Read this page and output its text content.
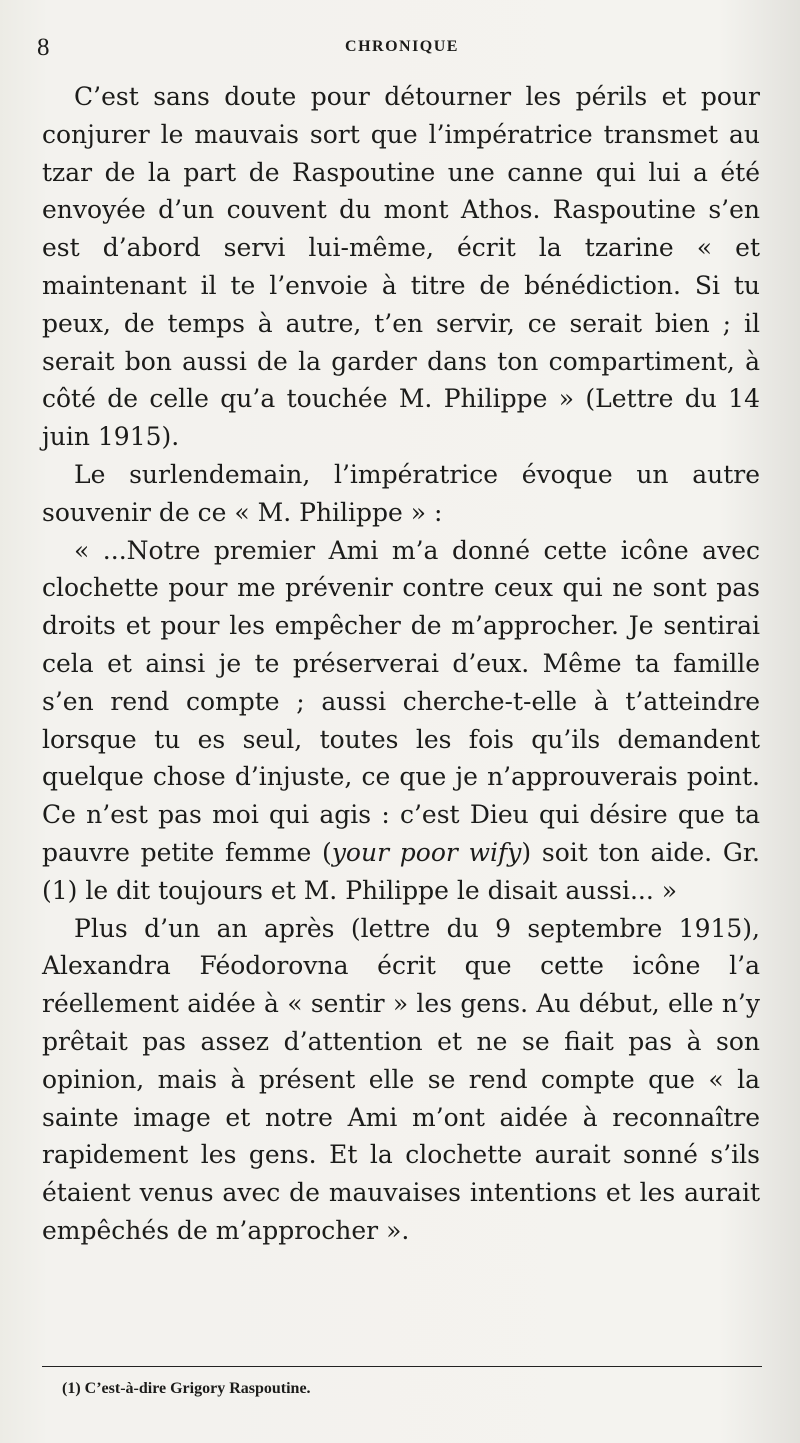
8	CHRONIQUE

C’est sans doute pour détourner les périls et pour conjurer le mauvais sort que l’impératrice transmet au tzar de la part de Raspoutine une canne qui lui a été envoyée d’un couvent du mont Athos. Raspoutine s’en est d’abord servi lui-même, écrit la tzarine « et maintenant il te l’envoie à titre de bénédiction. Si tu peux, de temps à autre, t’en servir, ce serait bien ; il serait bon aussi de la garder dans ton compartiment, à côté de celle qu’a touchée M. Philippe » (Lettre du 14 juin 1915).

Le surlendemain, l’impératrice évoque un autre souvenir de ce « M. Philippe » :

« ...Notre premier Ami m’a donné cette icône avec clochette pour me prévenir contre ceux qui ne sont pas droits et pour les empêcher de m’approcher. Je sentirai cela et ainsi je te préserverai d’eux. Même ta famille s’en rend compte ; aussi cherche-t-elle à t’atteindre lorsque tu es seul, toutes les fois qu’ils demandent quelque chose d’injuste, ce que je n’approuverais point. Ce n’est pas moi qui agis : c’est Dieu qui désire que ta pauvre petite femme (your poor wify) soit ton aide. Gr. (1) le dit toujours et M. Philippe le disait aussi... »

Plus d’un an après (lettre du 9 septembre 1915), Alexandra Féodorovna écrit que cette icône l’a réellement aidée à « sentir » les gens. Au début, elle n’y prêtait pas assez d’attention et ne se fiait pas à son opinion, mais à présent elle se rend compte que « la sainte image et notre Ami m’ont aidée à reconnaître rapidement les gens. Et la clochette aurait sonné s’ils étaient venus avec de mauvaises intentions et les aurait empêchés de m’approcher ».

(1) C’est-à-dire Grigory Raspoutine.
